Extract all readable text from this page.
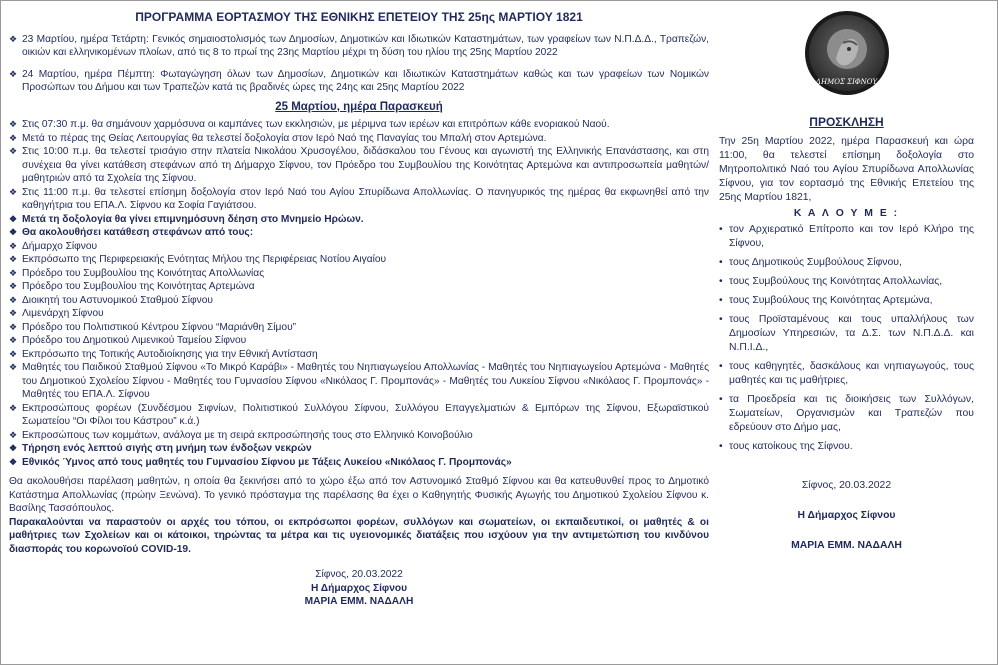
ΠΡΟΓΡΑΜΜΑ ΕΟΡΤΑΣΜΟΥ ΤΗΣ ΕΘΝΙΚΗΣ ΕΠΕΤΕΙΟΥ ΤΗΣ 25ης ΜΑΡΤΙΟΥ 1821
❖ 23 Μαρτίου, ημέρα Τετάρτη: Γενικός σημαιοστολισμός των Δημοσίων, Δημοτικών και Ιδιωτικών Καταστημάτων, των γραφείων των Ν.Π.Δ.Δ., Τραπεζών, οικιών και ελληνικομένων πλοίων, από τις 8 το πρωί της 23ης Μαρτίου μέχρι τη δύση του ηλίου της 25ης Μαρτίου 2022
❖ 24 Μαρτίου, ημέρα Πέμπτη: Φωταγώγηση όλων των Δημοσίων, Δημοτικών και Ιδιωτικών Καταστημάτων καθώς και των γραφείων των Νομικών Προσώπων του Δήμου και των Τραπεζών κατά τις βραδινές ώρες της 24ης και 25ης Μαρτίου 2022
25 Μαρτίου, ημέρα Παρασκευή
❖ Στις 07:30 π.μ. θα σημάνουν χαρμόσυνα οι καμπάνες των εκκλησιών, με μέριμνα των ιερέων και επιτρόπων κάθε ενοριακού Ναού.
❖ Μετά το πέρας της Θείας Λειτουργίας θα τελεστεί δοξολογία στον Ιερό Ναό της Παναγίας του Μπαλή στον Αρτεμώνα.
❖ Στις 10:00 π.μ. θα τελεστεί τρισάγιο στην πλατεία Νικολάου Χρυσογέλου, διδάσκαλου του Γένους και αγωνιστή της Ελληνικής Επανάστασης, και στη συνέχεια θα γίνει κατάθεση στεφάνων από τη Δήμαρχο Σίφνου, τον Πρόεδρο του Συμβουλίου της Κοινότητας Αρτεμώνα και αντιπροσωπεία μαθητών/μαθητριών από τα Σχολεία της Σίφνου.
❖ Στις 11:00 π.μ. θα τελεστεί επίσημη δοξολογία στον Ιερό Ναό του Αγίου Σπυρίδωνα Απολλωνίας. Ο πανηγυρικός της ημέρας θα εκφωνηθεί από την καθηγήτρια του ΕΠΑ.Λ. Σίφνου κα Σοφία Γαγιάτσου.
❖ Μετά τη δοξολογία θα γίνει επιμνημόσυνη δέηση στο Μνημείο Ηρώων.
❖ Θα ακολουθήσει κατάθεση στεφάνων από τους:
❖ Δήμαρχο Σίφνου
❖ Εκπρόσωπο της Περιφερειακής Ενότητας Μήλου της Περιφέρειας Νοτίου Αιγαίου
❖ Πρόεδρο του Συμβουλίου της Κοινότητας Απολλωνίας
❖ Πρόεδρο του Συμβουλίου της Κοινότητας Αρτεμώνα
❖ Διοικητή του Αστυνομικού Σταθμού Σίφνου
❖ Λιμενάρχη Σίφνου
❖ Πρόεδρο του Πολιτιστικού Κέντρου Σίφνου “Μαριάνθη Σίμου”
❖ Πρόεδρο του Δημοτικού Λιμενικού Ταμείου Σίφνου
❖ Εκπρόσωπο της Τοπικής Αυτοδιοίκησης για την Εθνική Αντίσταση
❖ Μαθητές του Παιδικού Σταθμού Σίφνου «Το Μικρό Καράβι» - Μαθητές του Νηπιαγωγείου Απολλωνίας - Μαθητές του Νηπιαγωγείου Αρτεμώνα - Μαθητές του Δημοτικού Σχολείου Σίφνου - Μαθητές του Γυμνασίου Σίφνου «Νικόλαος Γ. Προμπονάς» - Μαθητές του Λυκείου Σίφνου «Νικόλαος Γ. Προμπονάς» - Μαθητές του ΕΠΑ.Λ. Σίφνου
❖ Εκπροσώπους φορέων (Συνδέσμου Σιφνίων, Πολιτιστικού Συλλόγου Σίφνου, Συλλόγου Επαγγελματιών & Εμπόρων της Σίφνου, Εξωραϊστικού Σωματείου “Οι Φίλοι του Κάστρου” κ.ά.)
❖ Εκπροσώπους των κομμάτων, ανάλογα με τη σειρά εκπροσώπησής τους στο Ελληνικό Κοινοβούλιο
❖ Τήρηση ενός λεπτού σιγής στη μνήμη των ένδοξων νεκρών
❖ Εθνικός Ύμνος από τους μαθητές του Γυμνασίου Σίφνου με Τάξεις Λυκείου «Νικόλαος Γ. Προμπονάς»
Θα ακολουθήσει παρέλαση μαθητών, η οποία θα ξεκινήσει από το χώρο έξω από τον Αστυνομικό Σταθμό Σίφνου και θα κατευθυνθεί προς το Δημοτικό Κατάστημα Απολλωνίας (πρώην Ξενώνα). Το γενικό πρόσταγμα της παρέλασης θα έχει ο Καθηγητής Φυσικής Αγωγής του Δημοτικού Σχολείου Σίφνου κ. Βασίλης Τασσόπουλος.
Παρακαλούνται να παραστούν οι αρχές του τόπου, οι εκπρόσωποι φορέων, συλλόγων και σωματείων, οι εκπαιδευτικοί, οι μαθητές & οι μαθήτριες των Σχολείων και οι κάτοικοι, τηρώντας τα μέτρα και τις υγειονομικές διατάξεις που ισχύουν για την αντιμετώπιση του κινδύνου διασποράς του κορωνοϊού COVID-19.
Σίφνος, 20.03.2022
Η Δήμαρχος Σίφνου
ΜΑΡΙΑ ΕΜΜ. ΝΑΔΑΛΗ
ΔΗΜΟΣ ΣΙΦΝΟΥ
ΠΡΟΣΚΛΗΣΗ
Την 25η Μαρτίου 2022, ημέρα Παρασκευή και ώρα 11:00, θα τελεστεί επίσημη δοξολογία στο Μητροπολιτικό Ναό του Αγίου Σπυρίδωνα Απολλωνίας Σίφνου, για τον εορτασμό της Εθνικής Επετείου της 25ης Μαρτίου 1821,
Κ Α Λ Ο Υ Μ Ε :
• τον Αρχιερατικό Επίτροπο και τον Ιερό Κλήρο της Σίφνου,
• τους Δημοτικούς Συμβούλους Σίφνου,
• τους Συμβούλους της Κοινότητας Απολλωνίας,
• τους Συμβούλους της Κοινότητας Αρτεμώνα,
• τους Προϊσταμένους και τους υπαλλήλους των Δημοσίων Υπηρεσιών, τα Δ.Σ. των Ν.Π.Δ.Δ. και Ν.Π.Ι.Δ.,
• τους καθηγητές, δασκάλους και νηπιαγωγούς, τους μαθητές και τις μαθήτριες,
• τα Προεδρεία και τις διοικήσεις των Συλλόγων, Σωματείων, Οργανισμών και Τραπεζών που εδρεύουν στο Δήμο μας,
• τους κατοίκους της Σίφνου.
Σίφνος, 20.03.2022
Η Δήμαρχος Σίφνου
ΜΑΡΙΑ ΕΜΜ. ΝΑΔΑΛΗ
